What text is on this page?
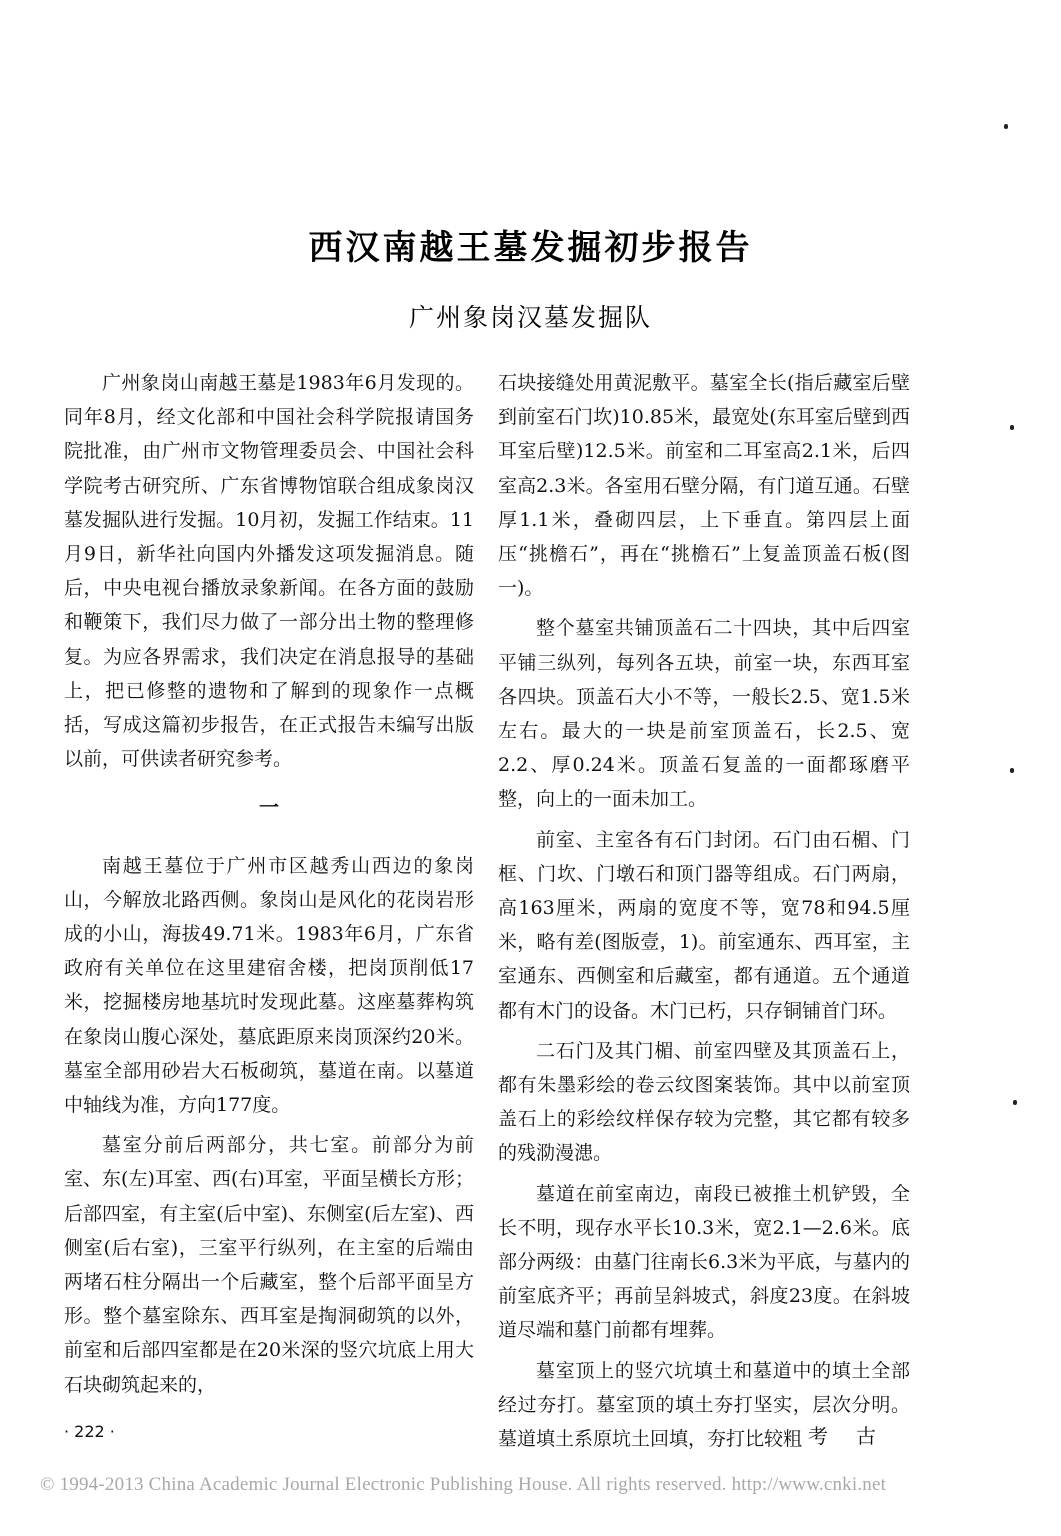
西汉南越王墓发掘初步报告
广州象岗汉墓发掘队

广州象岗山南越王墓是1983年6月发现的。同年8月，经文化部和中国社会科学院报请国务院批准，由广州市文物管理委员会、中国社会科学院考古研究所、广东省博物馆联合组成象岗汉墓发掘队进行发掘。10月初，发掘工作结束。11月9日，新华社向国内外播发这项发掘消息。随后，中央电视台播放录象新闻。在各方面的鼓励和鞭策下，我们尽力做了一部分出土物的整理修复。为应各界需求，我们决定在消息报导的基础上，把已修整的遗物和了解到的现象作一点概括，写成这篇初步报告，在正式报告未编写出版以前，可供读者研究参考。

一

南越王墓位于广州市区越秀山西边的象岗山，今解放北路西侧。象岗山是风化的花岗岩形成的小山，海拔49.71米。1983年6月，广东省政府有关单位在这里建宿舍楼，把岗顶削低17米，挖掘楼房地基坑时发现此墓。这座墓葬构筑在象岗山腹心深处，墓底距原来岗顶深约20米。墓室全部用砂岩大石板砌筑，墓道在南。以墓道中轴线为准，方向177度。

墓室分前后两部分，共七室。前部分为前室、东(左)耳室、西(右)耳室，平面呈横长方形；后部四室，有主室(后中室)、东侧室(后左室)、西侧室(后右室)，三室平行纵列，在主室的后端由两堵石柱分隔出一个后藏室，整个后部平面呈方形。整个墓室除东、西耳室是掏洞砌筑的以外，前室和后部四室都是在20米深的竖穴坑底上用大石块砌筑起来的，

石块接缝处用黄泥敷平。墓室全长(指后藏室后壁到前室石门坎)10.85米，最宽处(东耳室后壁到西耳室后壁)12.5米。前室和二耳室高2.1米，后四室高2.3米。各室用石壁分隔，有门道互通。石壁厚1.1米，叠砌四层，上下垂直。第四层上面压“挑檐石”，再在“挑檐石”上复盖顶盖石板(图一)。

整个墓室共铺顶盖石二十四块，其中后四室平铺三纵列，每列各五块，前室一块，东西耳室各四块。顶盖石大小不等，一般长2.5、宽1.5米左右。最大的一块是前室顶盖石，长2.5、宽2.2、厚0.24米。顶盖石复盖的一面都琢磨平整，向上的一面未加工。

前室、主室各有石门封闭。石门由石楣、门框、门坎、门墩石和顶门器等组成。石门两扇，高163厘米，两扇的宽度不等，宽78和94.5厘米，略有差(图版壹，1)。前室通东、西耳室，主室通东、西侧室和后藏室，都有通道。五个通道都有木门的设备。木门已朽，只存铜铺首门环。

二石门及其门楣、前室四壁及其顶盖石上，都有朱墨彩绘的卷云纹图案装饰。其中以前室顶盖石上的彩绘纹样保存较为完整，其它都有较多的残泐漫漶。

墓道在前室南边，南段已被推土机铲毁，全长不明，现存水平长10.3米，宽2.1—2.6米。底部分两级：由墓门往南长6.3米为平底，与墓内的前室底齐平；再前呈斜坡式，斜度23度。在斜坡道尽端和墓门前都有埋葬。

墓室顶上的竖穴坑填土和墓道中的填土全部经过夯打。墓室顶的填土夯打坚实，层次分明。墓道填土系原坑土回填，夯打比较粗

· 222 ·	考古
© 1994-2013 China Academic Journal Electronic Publishing House. All rights reserved. http://www.cnki.net
